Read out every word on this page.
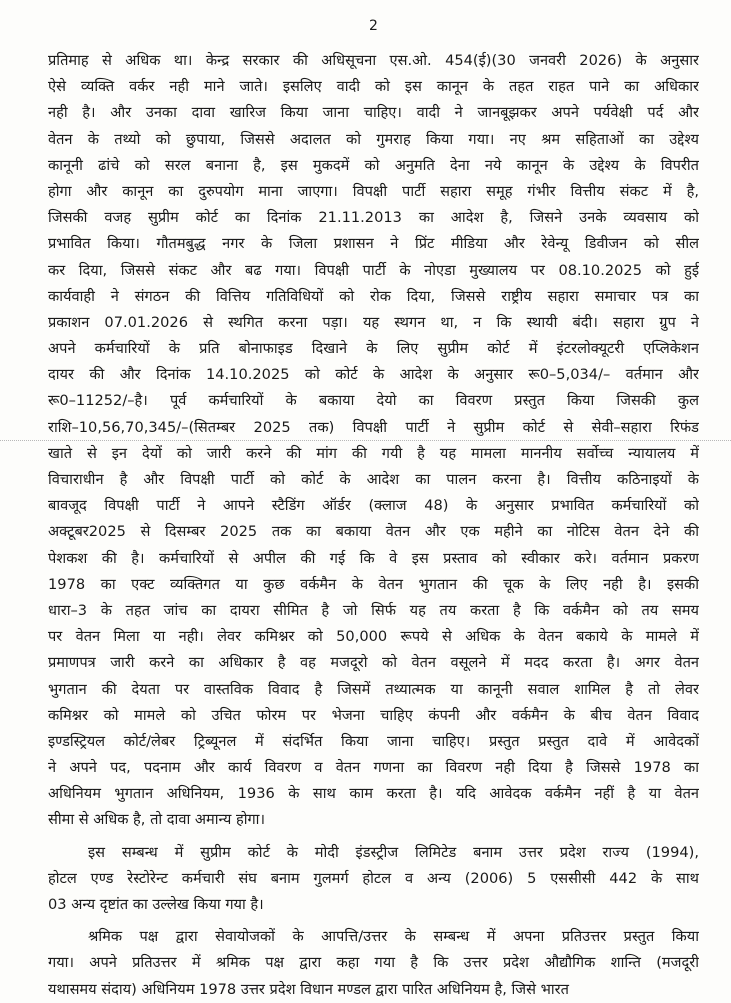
2
प्रतिमाह से अधिक था। केन्द्र सरकार की अधिसूचना एस.ओ. 454(ई)(30 जनवरी 2026) के अनुसार
ऐसे व्यक्ति वर्कर नही माने जाते। इसलिए वादी को इस कानून के तहत राहत पाने का अधिकार
नही है। और उनका दावा खारिज किया जाना चाहिए। वादी ने जानबूझकर अपने पर्यवेक्षी पर्द और
वेतन के तथ्यो को छुपाया, जिससे अदालत को गुमराह किया गया। नए श्रम सहिताओं का उद्देश्य
कानूनी ढांचे को सरल बनाना है, इस मुकदमें को अनुमति देना नये कानून के उद्देश्य के विपरीत
होगा और कानून का दुरुपयोग माना जाएगा। विपक्षी पार्टी सहारा समूह गंभीर वित्तीय संकट में है,
जिसकी वजह सुप्रीम कोर्ट का दिनांक 21.11.2013 का आदेश है, जिसने उनके व्यवसाय को
प्रभावित किया। गौतमबुद्ध नगर के जिला प्रशासन ने प्रिंट मीडिया और रेवेन्यू डिवीजन को सील
कर दिया, जिससे संकट और बढ गया। विपक्षी पार्टी के नोएडा मुख्यालय पर 08.10.2025 को हुई
कार्यवाही ने संगठन की वित्तिय गतिविधियों को रोक दिया, जिससे राष्ट्रीय सहारा समाचार पत्र का
प्रकाशन 07.01.2026 से स्थगित करना पड़ा। यह स्थगन था, न कि स्थायी बंदी। सहारा ग्रुप ने
अपने कर्मचारियों के प्रति बोनाफाइड दिखाने के लिए सुप्रीम कोर्ट में इंटरलोक्यूटरी एप्लिकेशन
दायर की और दिनांक 14.10.2025 को कोर्ट के आदेश के अनुसार रू0–5,034/– वर्तमान और
रू0–11252/–है। पूर्व कर्मचारियों के बकाया देयो का विवरण प्रस्तुत किया जिसकी कुल
राशि–10,56,70,345/–(सितम्बर 2025 तक) विपक्षी पार्टी ने सुप्रीम कोर्ट से सेवी–सहारा रिफंड
खाते से इन देयों को जारी करने की मांग की गयी है यह मामला माननीय सर्वोच्च न्यायालय में
विचाराधीन है और विपक्षी पार्टी को कोर्ट के आदेश का पालन करना है। वित्तीय कठिनाइयों के
बावजूद विपक्षी पार्टी ने आपने स्टैडिंग ऑर्डर (क्लाज 48) के अनुसार प्रभावित कर्मचारियों को
अक्टूबर2025 से दिसम्बर 2025 तक का बकाया वेतन और एक महीने का नोटिस वेतन देने की
पेशकश की है। कर्मचारियों से अपील की गई कि वे इस प्रस्ताव को स्वीकार करे। वर्तमान प्रकरण
1978 का एक्ट व्यक्तिगत या कुछ वर्कमैन के वेतन भुगतान की चूक के लिए नही है। इसकी
धारा–3 के तहत जांच का दायरा सीमित है जो सिर्फ यह तय करता है कि वर्कमैन को तय समय
पर वेतन मिला या नही। लेवर कमिश्नर को 50,000 रूपये से अधिक के वेतन बकाये के मामले में
प्रमाणपत्र जारी करने का अधिकार है वह मजदूरो को वेतन वसूलने में मदद करता है। अगर वेतन
भुगतान की देयता पर वास्तविक विवाद है जिसमें तथ्यात्मक या कानूनी सवाल शामिल है तो लेवर
कमिश्नर को मामले को उचित फोरम पर भेजना चाहिए कंपनी और वर्कमैन के बीच वेतन विवाद
इण्डस्ट्रियल कोर्ट/लेबर ट्रिब्यूनल में संदर्भित किया जाना चाहिए। प्रस्तुत प्रस्तुत दावे में आवेदकों
ने अपने पद, पदनाम और कार्य विवरण व वेतन गणना का विवरण नही दिया है जिससे 1978 का
अधिनियम भुगतान अधिनियम, 1936 के साथ काम करता है। यदि आवेदक वर्कमैन नहीं है या वेतन
सीमा से अधिक है, तो दावा अमान्य होगा।
इस सम्बन्ध में सुप्रीम कोर्ट के मोदी इंडस्ट्रीज लिमिटेड बनाम उत्तर प्रदेश राज्य (1994),
होटल एण्ड रेस्टोरेन्ट कर्मचारी संघ बनाम गुलमर्ग होटल व अन्य (2006) 5 एससीसी 442 के साथ
03 अन्य दृष्टांत का उल्लेख किया गया है।
श्रमिक पक्ष द्वारा सेवायोजकों के आपत्ति/उत्तर के सम्बन्ध में अपना प्रतिउत्तर प्रस्तुत किया
गया। अपने प्रतिउत्तर में श्रमिक पक्ष द्वारा कहा गया है कि उत्तर प्रदेश औद्यौगिक शान्ति (मजदूरी
यथासमय संदाय) अधिनियम 1978 उत्तर प्रदेश विधान मण्डल द्वारा पारित अधिनियम है, जिसे भारत
